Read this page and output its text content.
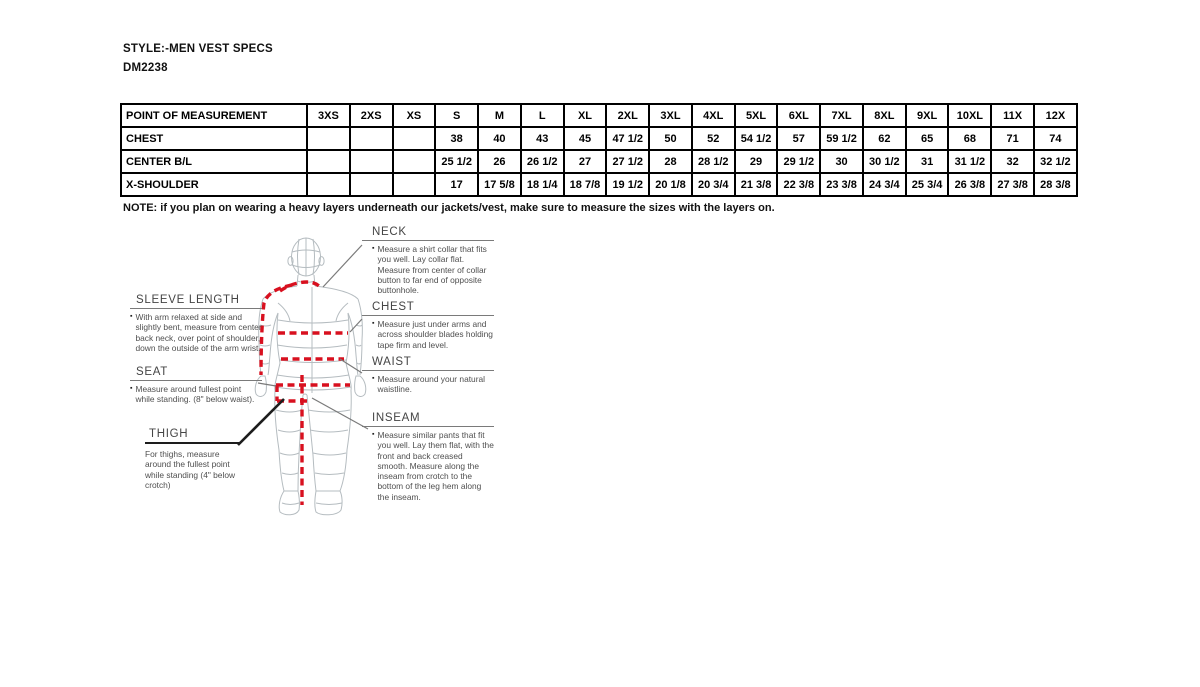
STYLE:-MEN VEST SPECS
DM2238
POINT OF MEASUREMENT	3XS	2XS	XS	S	M	L	XL	2XL	3XL	4XL	5XL	6XL	7XL	8XL	9XL	10XL	11X	12X
CHEST				38	40	43	45	47 1/2	50	52	54 1/2	57	59 1/2	62	65	68	71	74
CENTER B/L				25 1/2	26	26 1/2	27	27 1/2	28	28 1/2	29	29 1/2	30	30 1/2	31	31 1/2	32	32 1/2
X-SHOULDER				17	17 5/8	18 1/4	18 7/8	19 1/2	20 1/8	20 3/4	21 3/8	22 3/8	23 3/8	24 3/4	25 3/4	26 3/8	27 3/8	28 3/8
NOTE: if you plan on wearing a heavy layers underneath our jackets/vest, make sure to measure the sizes with the layers on.
NECK
▪ Measure a shirt collar that fits you well. Lay collar flat. Measure from center of collar button to far end of opposite buttonhole.
CHEST
▪ Measure just under arms and across shoulder blades holding tape firm and level.
WAIST
▪ Measure around your natural waistline.
INSEAM
▪ Measure similar pants that fit you well. Lay them flat, with the front and back creased smooth. Measure along the inseam from crotch to the bottom of the leg hem along the inseam.
SLEEVE LENGTH
▪ With arm relaxed at side and slightly bent, measure from center back neck, over point of shoulder, down the outside of the arm wrist.
SEAT
▪ Measure around fullest point while standing. (8" below waist).
THIGH
For thighs, measure around the fullest point while standing (4" below crotch)
